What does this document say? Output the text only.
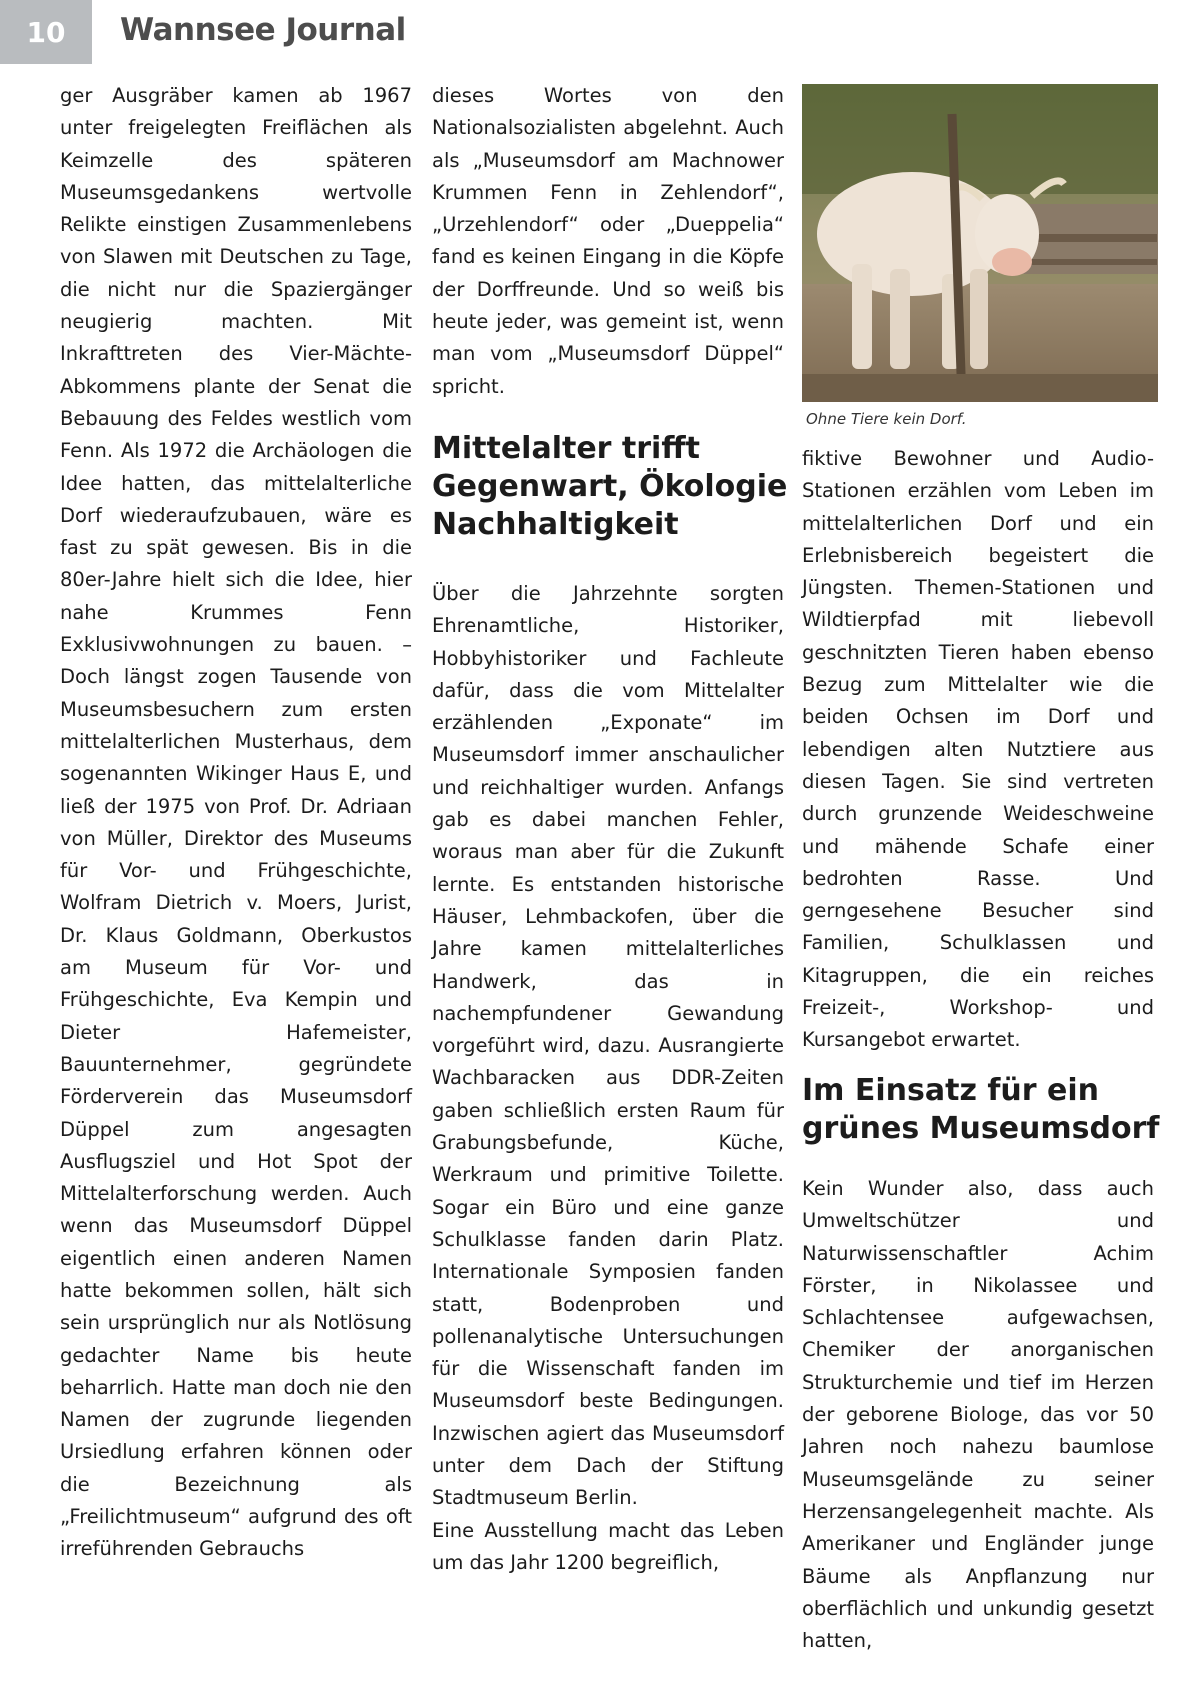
10	Wannsee Journal

ger Ausgräber kamen ab 1967 unter freigelegten Freiflächen als Keimzelle des späteren Museumsgedankens wertvolle Relikte einstigen Zusammenlebens von Slawen mit Deutschen zu Tage, die nicht nur die Spaziergänger neugierig machten. Mit Inkrafttreten des Vier-Mächte-Abkommens plante der Senat die Bebauung des Feldes westlich vom Fenn. Als 1972 die Archäologen die Idee hatten, das mittelalterliche Dorf wiederaufzubauen, wäre es fast zu spät gewesen. Bis in die 80er-Jahre hielt sich die Idee, hier nahe Krummes Fenn Exklusivwohnungen zu bauen. – Doch längst zogen Tausende von Museumsbesuchern zum ersten mittelalterlichen Musterhaus, dem sogenannten Wikinger Haus E, und ließ der 1975 von Prof. Dr. Adriaan von Müller, Direktor des Museums für Vor- und Frühgeschichte, Wolfram Dietrich v. Moers, Jurist, Dr. Klaus Goldmann, Oberkustos am Museum für Vor- und Frühgeschichte, Eva Kempin und Dieter Hafemeister, Bauunternehmer, gegründete Förderverein das Museumsdorf Düppel zum angesagten Ausflugsziel und Hot Spot der Mittelalterforschung werden. Auch wenn das Museumsdorf Düppel eigentlich einen anderen Namen hatte bekommen sollen, hält sich sein ursprünglich nur als Notlösung gedachter Name bis heute beharrlich. Hatte man doch nie den Namen der zugrunde liegenden Ursiedlung erfahren können oder die Bezeichnung als „Freilichtmuseum“ aufgrund des oft irreführenden Gebrauchs

dieses Wortes von den Nationalsozialisten abgelehnt. Auch als „Museumsdorf am Machnower Krummen Fenn in Zehlendorf“, „Urzehlendorf“ oder „Dueppelia“ fand es keinen Eingang in die Köpfe der Dorffreunde. Und so weiß bis heute jeder, was gemeint ist, wenn man vom „Museumsdorf Düppel“ spricht.

Mittelalter trifft Gegenwart, Ökologie Nachhaltigkeit

Über die Jahrzehnte sorgten Ehrenamtliche, Historiker, Hobbyhistoriker und Fachleute dafür, dass die vom Mittelalter erzählenden „Exponate“ im Museumsdorf immer anschaulicher und reichhaltiger wurden. Anfangs gab es dabei manchen Fehler, woraus man aber für die Zukunft lernte. Es entstanden historische Häuser, Lehmbackofen, über die Jahre kamen mittelalterliches Handwerk, das in nachempfundener Gewandung vorgeführt wird, dazu. Ausrangierte Wachbaracken aus DDR-Zeiten gaben schließlich ersten Raum für Grabungsbefunde, Küche, Werkraum und primitive Toilette. Sogar ein Büro und eine ganze Schulklasse fanden darin Platz. Internationale Symposien fanden statt, Bodenproben und pollenanalytische Untersuchungen für die Wissenschaft fanden im Museumsdorf beste Bedingungen. Inzwischen agiert das Museumsdorf unter dem Dach der Stiftung Stadtmuseum Berlin.

Eine Ausstellung macht das Leben um das Jahr 1200 begreiflich,

Ohne Tiere kein Dorf.

fiktive Bewohner und Audio-Stationen erzählen vom Leben im mittelalterlichen Dorf und ein Erlebnisbereich begeistert die Jüngsten. Themen-Stationen und Wildtierpfad mit liebevoll geschnitzten Tieren haben ebenso Bezug zum Mittelalter wie die beiden Ochsen im Dorf und lebendigen alten Nutztiere aus diesen Tagen. Sie sind vertreten durch grunzende Weideschweine und mähende Schafe einer bedrohten Rasse. Und gerngesehene Besucher sind Familien, Schulklassen und Kitagruppen, die ein reiches Freizeit-, Workshop- und Kursangebot erwartet.

Im Einsatz für ein grünes Museumsdorf

Kein Wunder also, dass auch Umweltschützer und Naturwissenschaftler Achim Förster, in Nikolassee und Schlachtensee aufgewachsen, Chemiker der anorganischen Strukturchemie und tief im Herzen der geborene Biologe, das vor 50 Jahren noch nahezu baumlose Museumsgelände zu seiner Herzensangelegenheit machte. Als Amerikaner und Engländer junge Bäume als Anpflanzung nur oberflächlich und unkundig gesetzt hatten,
